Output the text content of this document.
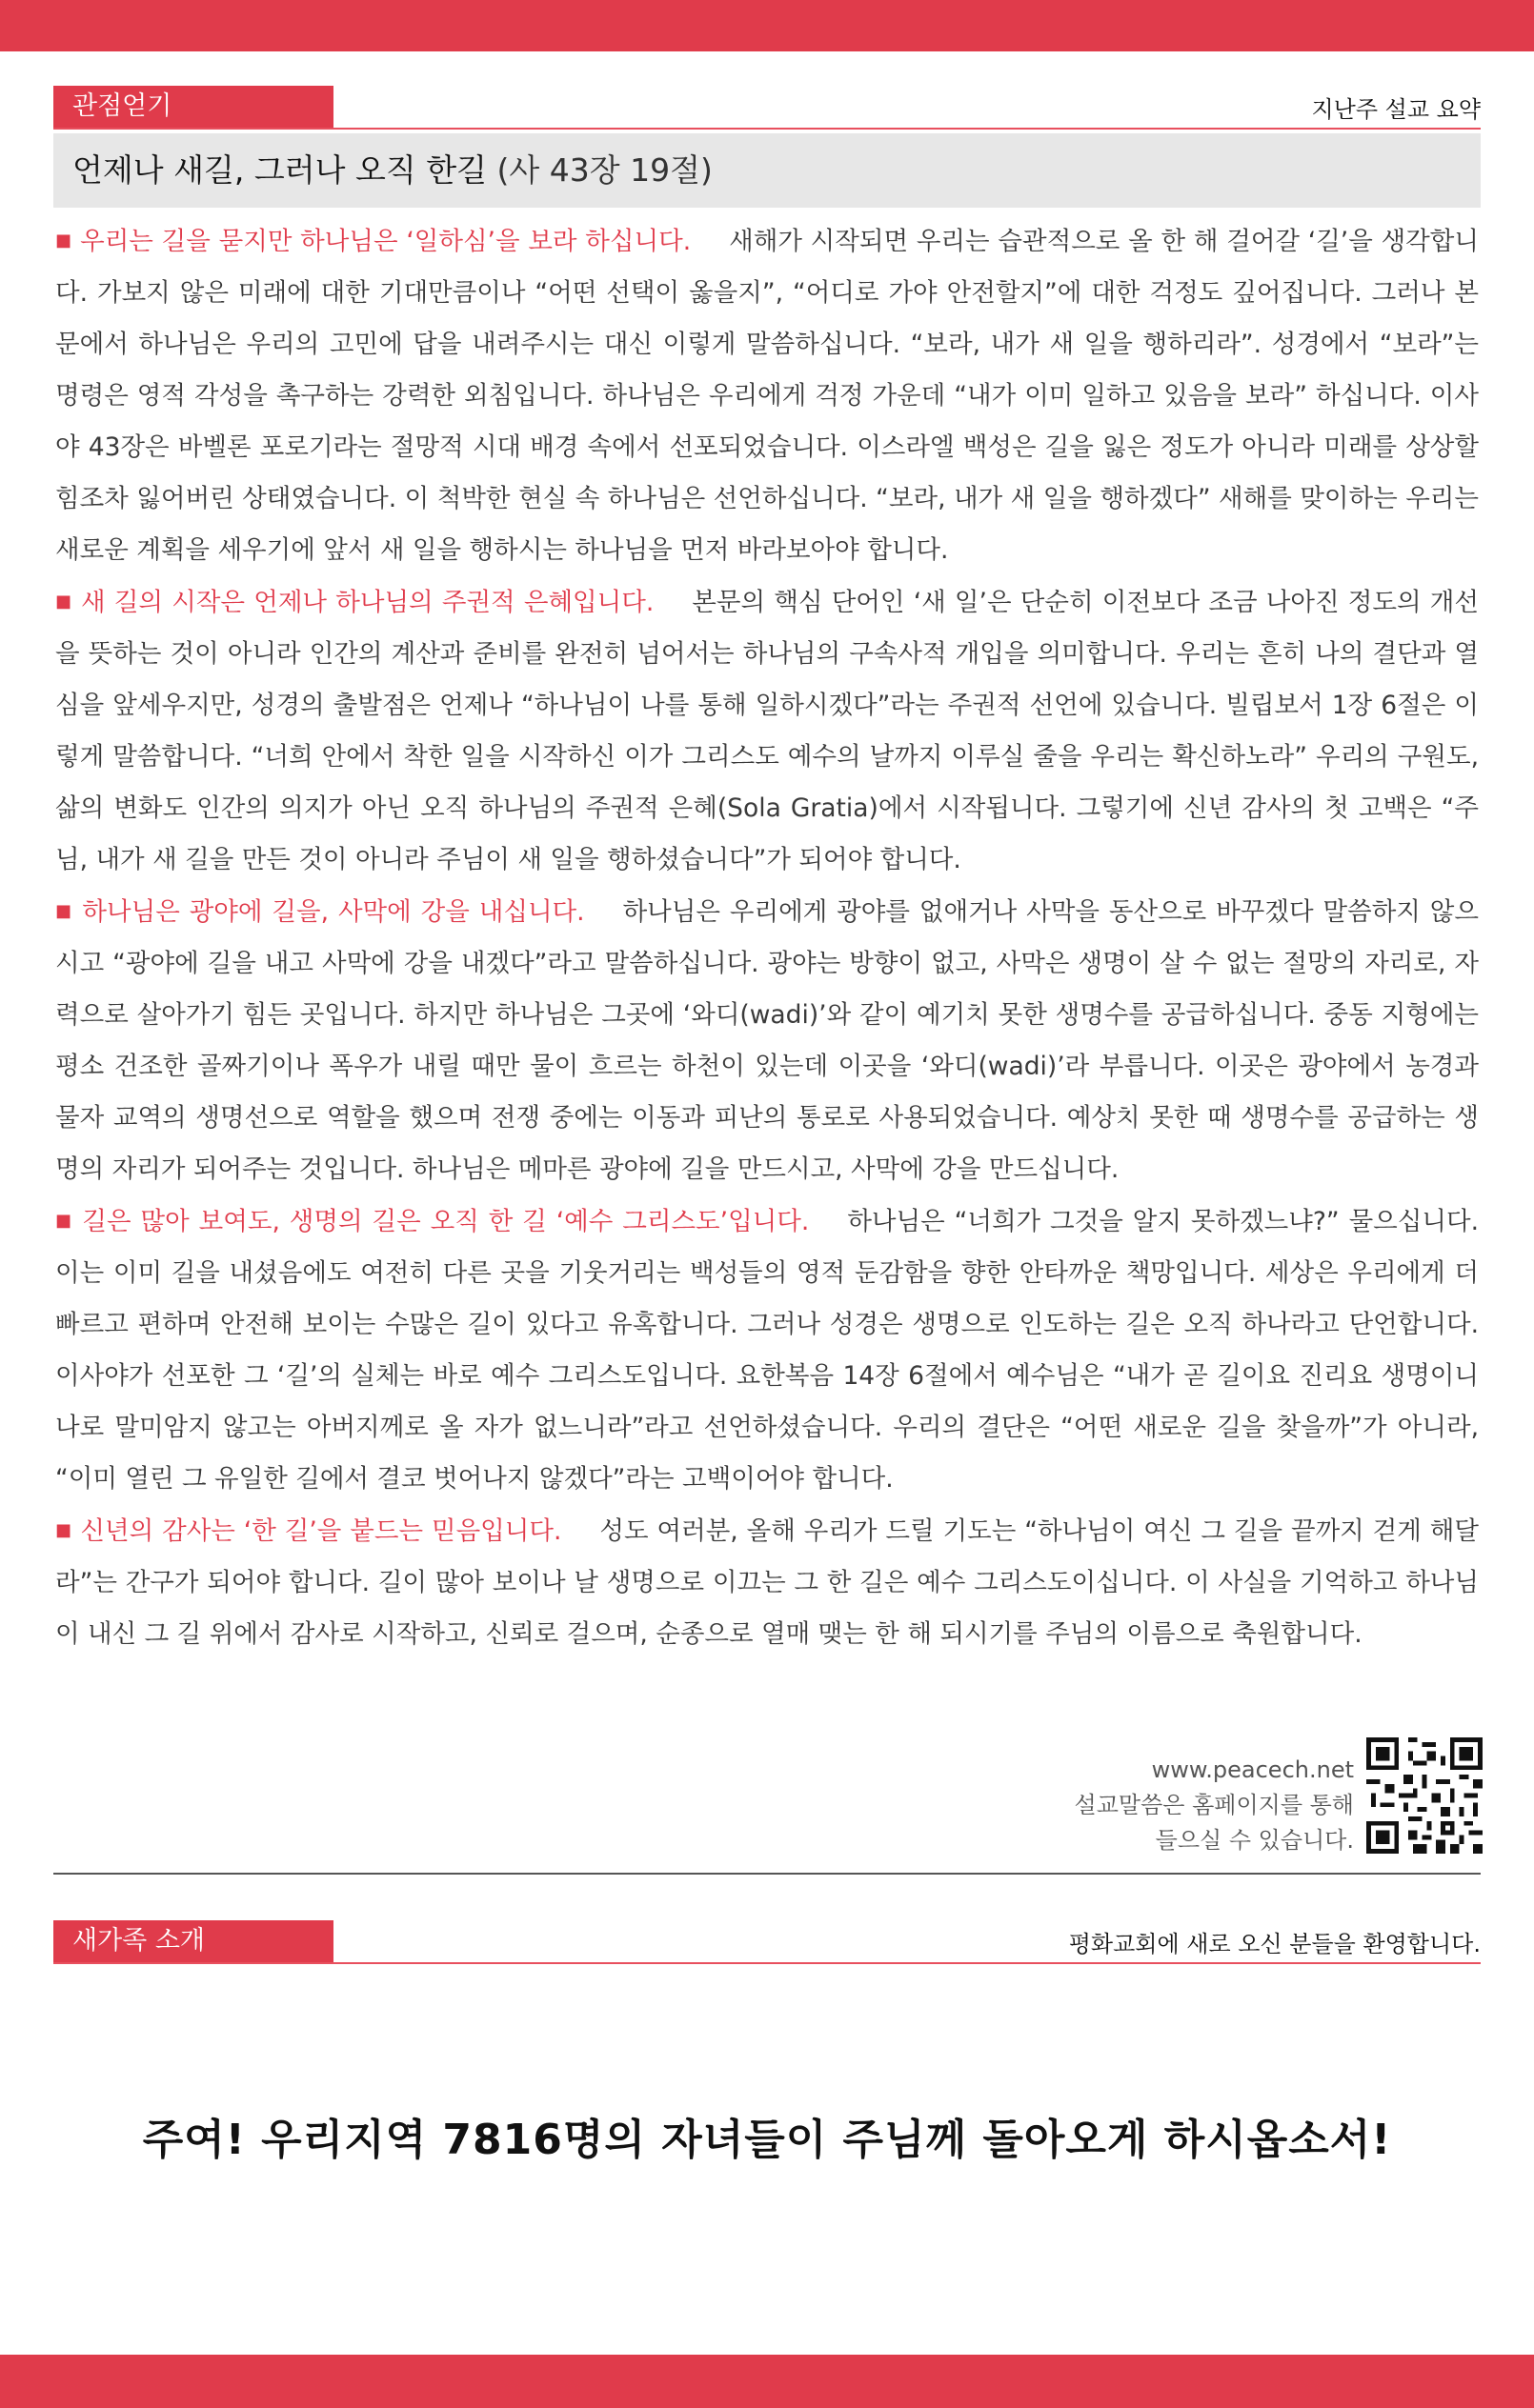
관점얻기	지난주 설교 요약
언제나 새길, 그러나 오직 한길 (사 43장 19절)

■ 우리는 길을 묻지만 하나님은 ‘일하심’을 보라 하십니다. 새해가 시작되면 우리는 습관적으로 올 한 해 걸어갈 ‘길’을 생각합니다. 가보지 않은 미래에 대한 기대만큼이나 “어떤 선택이 옳을지”, “어디로 가야 안전할지”에 대한 걱정도 깊어집니다. 그러나 본문에서 하나님은 우리의 고민에 답을 내려주시는 대신 이렇게 말씀하십니다. “보라, 내가 새 일을 행하리라”. 성경에서 “보라”는 명령은 영적 각성을 촉구하는 강력한 외침입니다. 하나님은 우리에게 걱정 가운데 “내가 이미 일하고 있음을 보라” 하십니다. 이사야 43장은 바벨론 포로기라는 절망적 시대 배경 속에서 선포되었습니다. 이스라엘 백성은 길을 잃은 정도가 아니라 미래를 상상할 힘조차 잃어버린 상태였습니다. 이 척박한 현실 속 하나님은 선언하십니다. “보라, 내가 새 일을 행하겠다” 새해를 맞이하는 우리는 새로운 계획을 세우기에 앞서 새 일을 행하시는 하나님을 먼저 바라보아야 합니다.

■ 새 길의 시작은 언제나 하나님의 주권적 은혜입니다. 본문의 핵심 단어인 ‘새 일’은 단순히 이전보다 조금 나아진 정도의 개선을 뜻하는 것이 아니라 인간의 계산과 준비를 완전히 넘어서는 하나님의 구속사적 개입을 의미합니다. 우리는 흔히 나의 결단과 열심을 앞세우지만, 성경의 출발점은 언제나 “하나님이 나를 통해 일하시겠다”라는 주권적 선언에 있습니다. 빌립보서 1장 6절은 이렇게 말씀합니다. “너희 안에서 착한 일을 시작하신 이가 그리스도 예수의 날까지 이루실 줄을 우리는 확신하노라” 우리의 구원도, 삶의 변화도 인간의 의지가 아닌 오직 하나님의 주권적 은혜(Sola Gratia)에서 시작됩니다. 그렇기에 신년 감사의 첫 고백은 “주님, 내가 새 길을 만든 것이 아니라 주님이 새 일을 행하셨습니다”가 되어야 합니다.

■ 하나님은 광야에 길을, 사막에 강을 내십니다. 하나님은 우리에게 광야를 없애거나 사막을 동산으로 바꾸겠다 말씀하지 않으시고 “광야에 길을 내고 사막에 강을 내겠다”라고 말씀하십니다. 광야는 방향이 없고, 사막은 생명이 살 수 없는 절망의 자리로, 자력으로 살아가기 힘든 곳입니다. 하지만 하나님은 그곳에 ‘와디(wadi)’와 같이 예기치 못한 생명수를 공급하십니다. 중동 지형에는 평소 건조한 골짜기이나 폭우가 내릴 때만 물이 흐르는 하천이 있는데 이곳을 ‘와디(wadi)’라 부릅니다. 이곳은 광야에서 농경과 물자 교역의 생명선으로 역할을 했으며 전쟁 중에는 이동과 피난의 통로로 사용되었습니다. 예상치 못한 때 생명수를 공급하는 생명의 자리가 되어주는 것입니다. 하나님은 메마른 광야에 길을 만드시고, 사막에 강을 만드십니다.

■ 길은 많아 보여도, 생명의 길은 오직 한 길 ‘예수 그리스도’입니다. 하나님은 “너희가 그것을 알지 못하겠느냐?” 물으십니다. 이는 이미 길을 내셨음에도 여전히 다른 곳을 기웃거리는 백성들의 영적 둔감함을 향한 안타까운 책망입니다. 세상은 우리에게 더 빠르고 편하며 안전해 보이는 수많은 길이 있다고 유혹합니다. 그러나 성경은 생명으로 인도하는 길은 오직 하나라고 단언합니다. 이사야가 선포한 그 ‘길’의 실체는 바로 예수 그리스도입니다. 요한복음 14장 6절에서 예수님은 “내가 곧 길이요 진리요 생명이니 나로 말미암지 않고는 아버지께로 올 자가 없느니라”라고 선언하셨습니다. 우리의 결단은 “어떤 새로운 길을 찾을까”가 아니라, “이미 열린 그 유일한 길에서 결코 벗어나지 않겠다”라는 고백이어야 합니다.

■ 신년의 감사는 ‘한 길’을 붙드는 믿음입니다. 성도 여러분, 올해 우리가 드릴 기도는 “하나님이 여신 그 길을 끝까지 걷게 해달라”는 간구가 되어야 합니다. 길이 많아 보이나 날 생명으로 이끄는 그 한 길은 예수 그리스도이십니다. 이 사실을 기억하고 하나님이 내신 그 길 위에서 감사로 시작하고, 신뢰로 걸으며, 순종으로 열매 맺는 한 해 되시기를 주님의 이름으로 축원합니다.

www.peacech.net
설교말씀은 홈페이지를 통해
들으실 수 있습니다.
새가족 소개	평화교회에 새로 오신 분들을 환영합니다.
주여! 우리지역 7816명의 자녀들이 주님께 돌아오게 하시옵소서!
